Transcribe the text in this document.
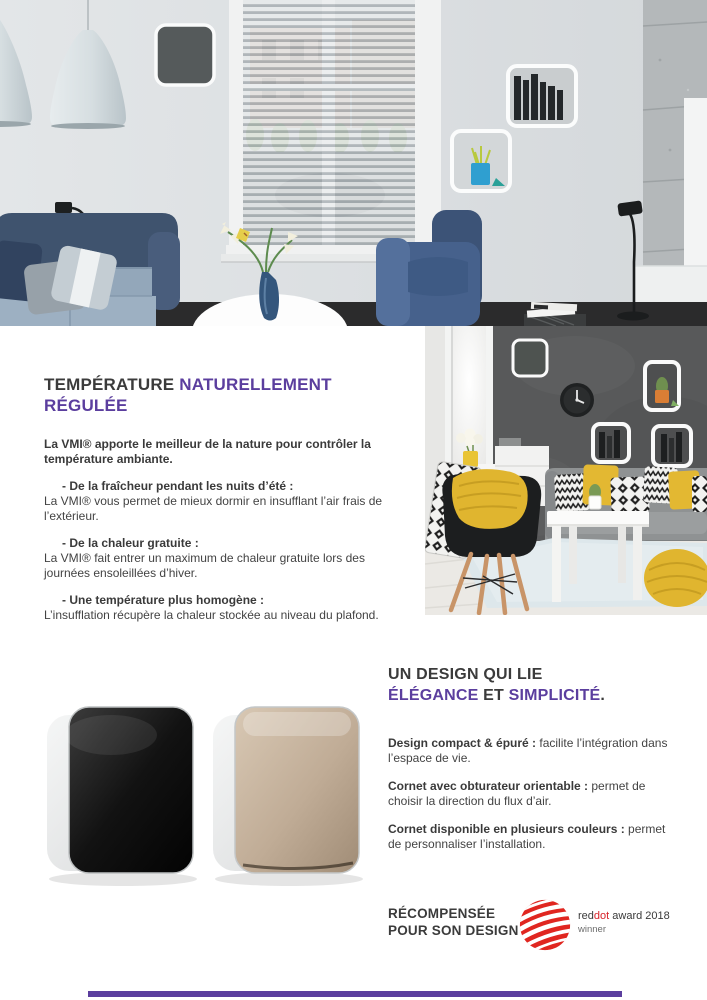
TEMPÉRATURE NATURELLEMENT RÉGULÉE
La VMI® apporte le meilleur de la nature pour contrôler la température ambiante.
- De la fraîcheur pendant les nuits d’été :
La VMI® vous permet de mieux dormir en insufflant l’air frais de l’extérieur.
- De la chaleur gratuite :
La VMI® fait entrer un maximum de chaleur gratuite lors des journées ensoleillées d’hiver.
- Une température plus homogène :
L’insufflation récupère la chaleur stockée au niveau du plafond.
UN DESIGN QUI LIE
ÉLÉGANCE ET SIMPLICITÉ.
Design compact & épuré : facilite l’intégration dans l’espace de vie.
Cornet avec obturateur orientable : permet de choisir la direction du flux d’air.
Cornet disponible en plusieurs couleurs : permet de personnaliser l’installation.
RÉCOMPENSÉE
POUR SON DESIGN
reddot award 2018
winner
